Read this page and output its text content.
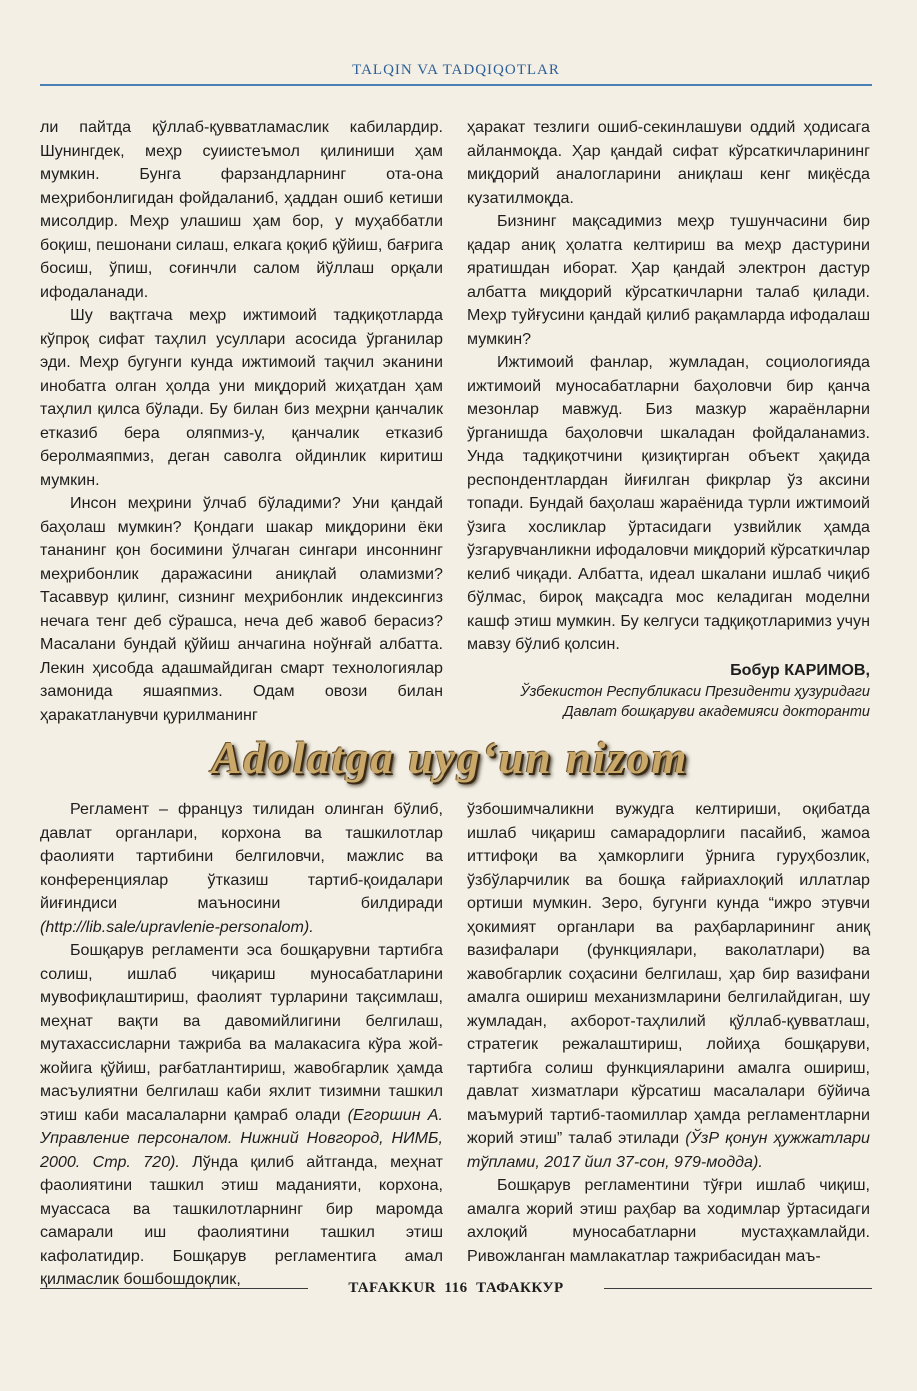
TALQIN VA TADQIQOTLAR

ли пайтда қўллаб-қувватламаслик кабилардир. Шунингдек, меҳр суиистеъмол қилиниши ҳам мумкин. Бунга фарзандларнинг ота-она меҳрибонлигидан фойдаланиб, ҳаддан ошиб кетиши мисолдир. Меҳр улашиш ҳам бор, у муҳаббатли боқиш, пешонани силаш, елкага қоқиб қўйиш, бағрига босиш, ўпиш, соғинчли салом йўллаш орқали ифодаланади.

Шу вақтгача меҳр ижтимоий тадқиқотларда кўпроқ сифат таҳлил усуллари асосида ўрганилар эди. Меҳр бугунги кунда ижтимоий тақчил эканини инобатга олган ҳолда уни миқдорий жиҳатдан ҳам таҳлил қилса бўлади. Бу билан биз меҳрни қанчалик етказиб бера оляпмиз-у, қанчалик етказиб беролмаяпмиз, деган саволга ойдинлик киритиш мумкин.

Инсон меҳрини ўлчаб бўладими? Уни қандай баҳолаш мумкин? Қондаги шакар миқдорини ёки тананинг қон босимини ўлчаган сингари инсоннинг меҳрибонлик даражасини аниқлай оламизми? Тасаввур қилинг, сизнинг меҳрибонлик индексингиз нечага тенг деб сўрашса, неча деб жавоб берасиз? Масалани бундай қўйиш анчагина ноўнғай албатта. Лекин ҳисобда адашмайдиган смарт технологиялар замонида яшаяпмиз. Одам овози билан ҳаракатланувчи қурилманинг

ҳаракат тезлиги ошиб-секинлашуви оддий ҳодисага айланмоқда. Ҳар қандай сифат кўрсаткичларининг миқдорий аналогларини аниқлаш кенг миқёсда кузатилмоқда.

Бизнинг мақсадимиз меҳр тушунчасини бир қадар аниқ ҳолатга келтириш ва меҳр дастурини яратишдан иборат. Ҳар қандай электрон дастур албатта миқдорий кўрсаткичларни талаб қилади. Меҳр туйғусини қандай қилиб рақамларда ифодалаш мумкин?

Ижтимоий фанлар, жумладан, социологияда ижтимоий муносабатларни баҳоловчи бир қанча мезонлар мавжуд. Биз мазкур жараёнларни ўрганишда баҳоловчи шкаладан фойдаланамиз. Унда тадқиқотчини қизиқтирган объект ҳақида респондентлардан йиғилган фикрлар ўз аксини топади. Бундай баҳолаш жараёнида турли ижтимоий ўзига хосликлар ўртасидаги узвийлик ҳамда ўзгарувчанликни ифодаловчи миқдорий кўрсаткичлар келиб чиқади. Албатта, идеал шкалани ишлаб чиқиб бўлмас, бироқ мақсадга мос келадиган моделни кашф этиш мумкин. Бу келгуси тадқиқотларимиз учун мавзу бўлиб қолсин.

Бобур КАРИМОВ,
Ўзбекистон Республикаси Президенти ҳузуридаги
Давлат бошқаруви академияси докторанти
Adolatga uyg‘un nizom

Регламент – француз тилидан олинган бўлиб, давлат органлари, корхона ва ташкилотлар фаолияти тартибини белгиловчи, мажлис ва конференциялар ўтказиш тартиб-қоидалари йиғиндиси маъносини билдиради (http://lib.sale/upravlenie-personalom).

Бошқарув регламенти эса бошқарувни тартибга солиш, ишлаб чиқариш муносабатларини мувофиқлаштириш, фаолият турларини тақсимлаш, меҳнат вақти ва давомийлигини белгилаш, мутахассисларни тажриба ва малакасига кўра жой-жойига қўйиш, рағбатлантириш, жавобгарлик ҳамда масъулиятни белгилаш каби яхлит тизимни ташкил этиш каби масалаларни қамраб олади (Егоршин А. Управление персоналом. Нижний Новгород, НИМБ, 2000. Стр. 720). Лўнда қилиб айтганда, меҳнат фаолиятини ташкил этиш маданияти, корхона, муассаса ва ташкилотларнинг бир маромда самарали иш фаолиятини ташкил этиш кафолатидир. Бошқарув регламентига амал қилмаслик бошбошдоқлик,

ўзбошимчаликни вужудга келтириши, оқибатда ишлаб чиқариш самарадорлиги пасайиб, жамоа иттифоқи ва ҳамкорлиги ўрнига гуруҳбозлик, ўзбўларчилик ва бошқа ғайриахлоқий иллатлар ортиши мумкин. Зеро, бугунги кунда “ижро этувчи ҳокимият органлари ва раҳбарларининг аниқ вазифалари (функциялари, ваколатлари) ва жавобгарлик соҳасини белгилаш, ҳар бир вазифани амалга ошириш механизмларини белгилайдиган, шу жумладан, ахборот-таҳлилий қўллаб-қувватлаш, стратегик режалаштириш, лойиҳа бошқаруви, тартибга солиш функцияларини амалга ошириш, давлат хизматлари кўрсатиш масалалари бўйича маъмурий тартиб-таомиллар ҳамда регламентларни жорий этиш” талаб этилади (ЎзР қонун ҳужжатлари тўплами, 2017 йил 37-сон, 979-модда).

Бошқарув регламентини тўғри ишлаб чиқиш, амалга жорий этиш раҳбар ва ходимлар ўртасидаги ахлоқий муносабатларни мустаҳкамлайди. Ривожланган мамлакатлар тажрибасидан маъ-

TAFAKKUR  116  ТАФАККУР
